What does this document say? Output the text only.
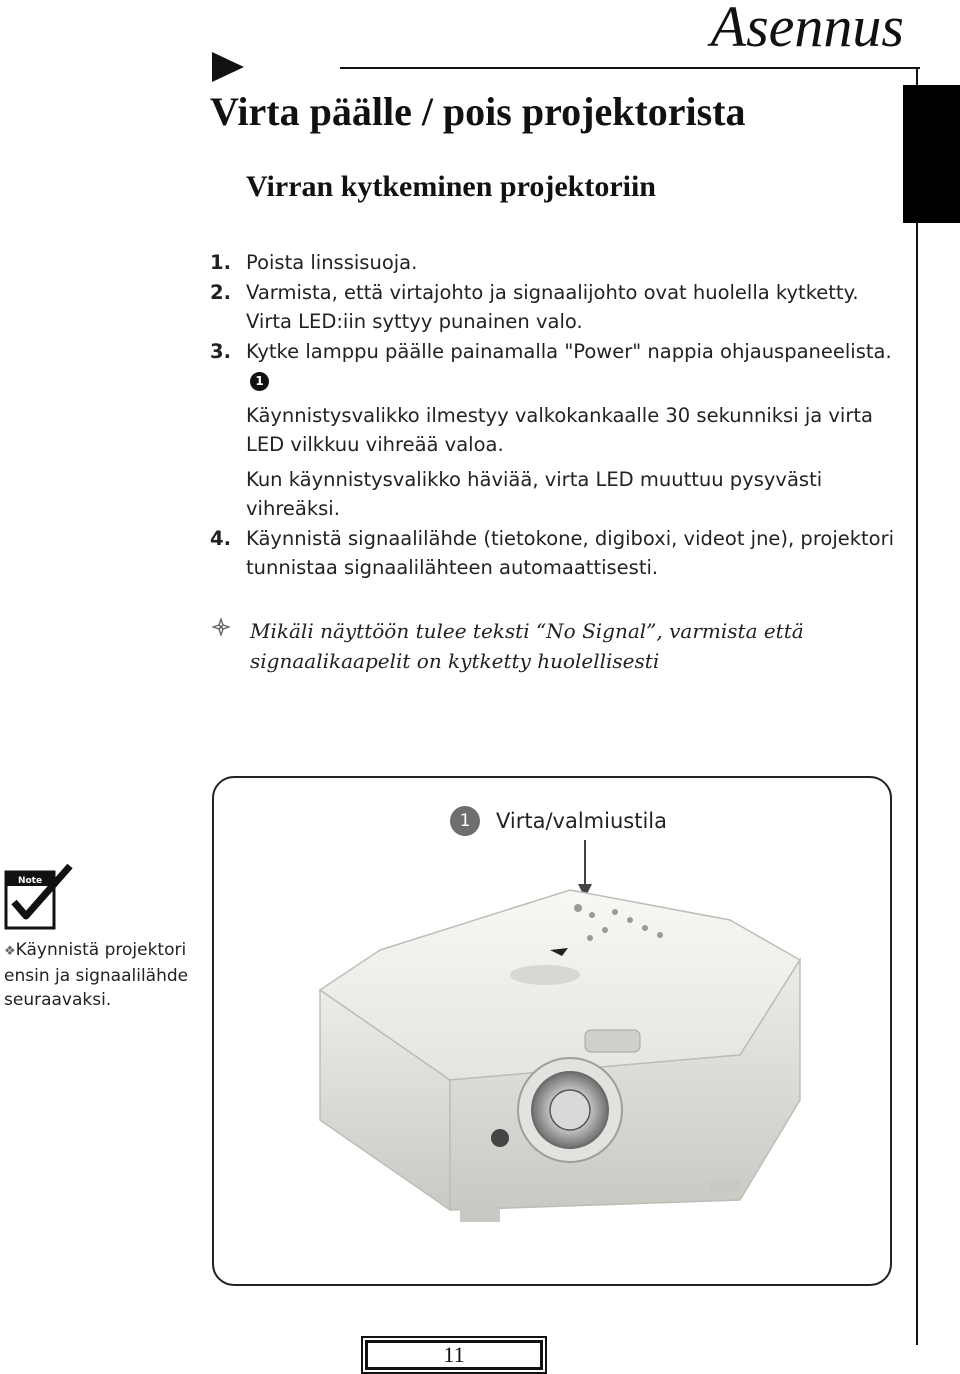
Asennus
Virta päälle / pois projektorista
Virran kytkeminen projektoriin
1. Poista linssisuoja.
2. Varmista, että virtajohto ja signaalijohto ovat huolella kytketty. Virta LED:iin syttyy punainen valo.
3. Kytke lamppu päälle painamalla "Power" nappia ohjauspaneelista.1
Käynnistysvalikko ilmestyy valkokankaalle 30 sekunniksi ja virta LED vilkkuu vihreää valoa.
Kun käynnistysvalikko häviää, virta LED muuttuu pysyvästi vihreäksi.
4. Käynnistä signaalilähde (tietokone, digiboxi, videot jne), projektori tunnistaa signaalilähteen automaattisesti.
Mikäli näyttöön tulee teksti “No Signal”, varmista että signaalikaapelit on kytketty huolellisesti
1	Virta/valmiustila
Note
❖Käynnistä projektori ensin ja signaalilähde seuraavaksi.
11
